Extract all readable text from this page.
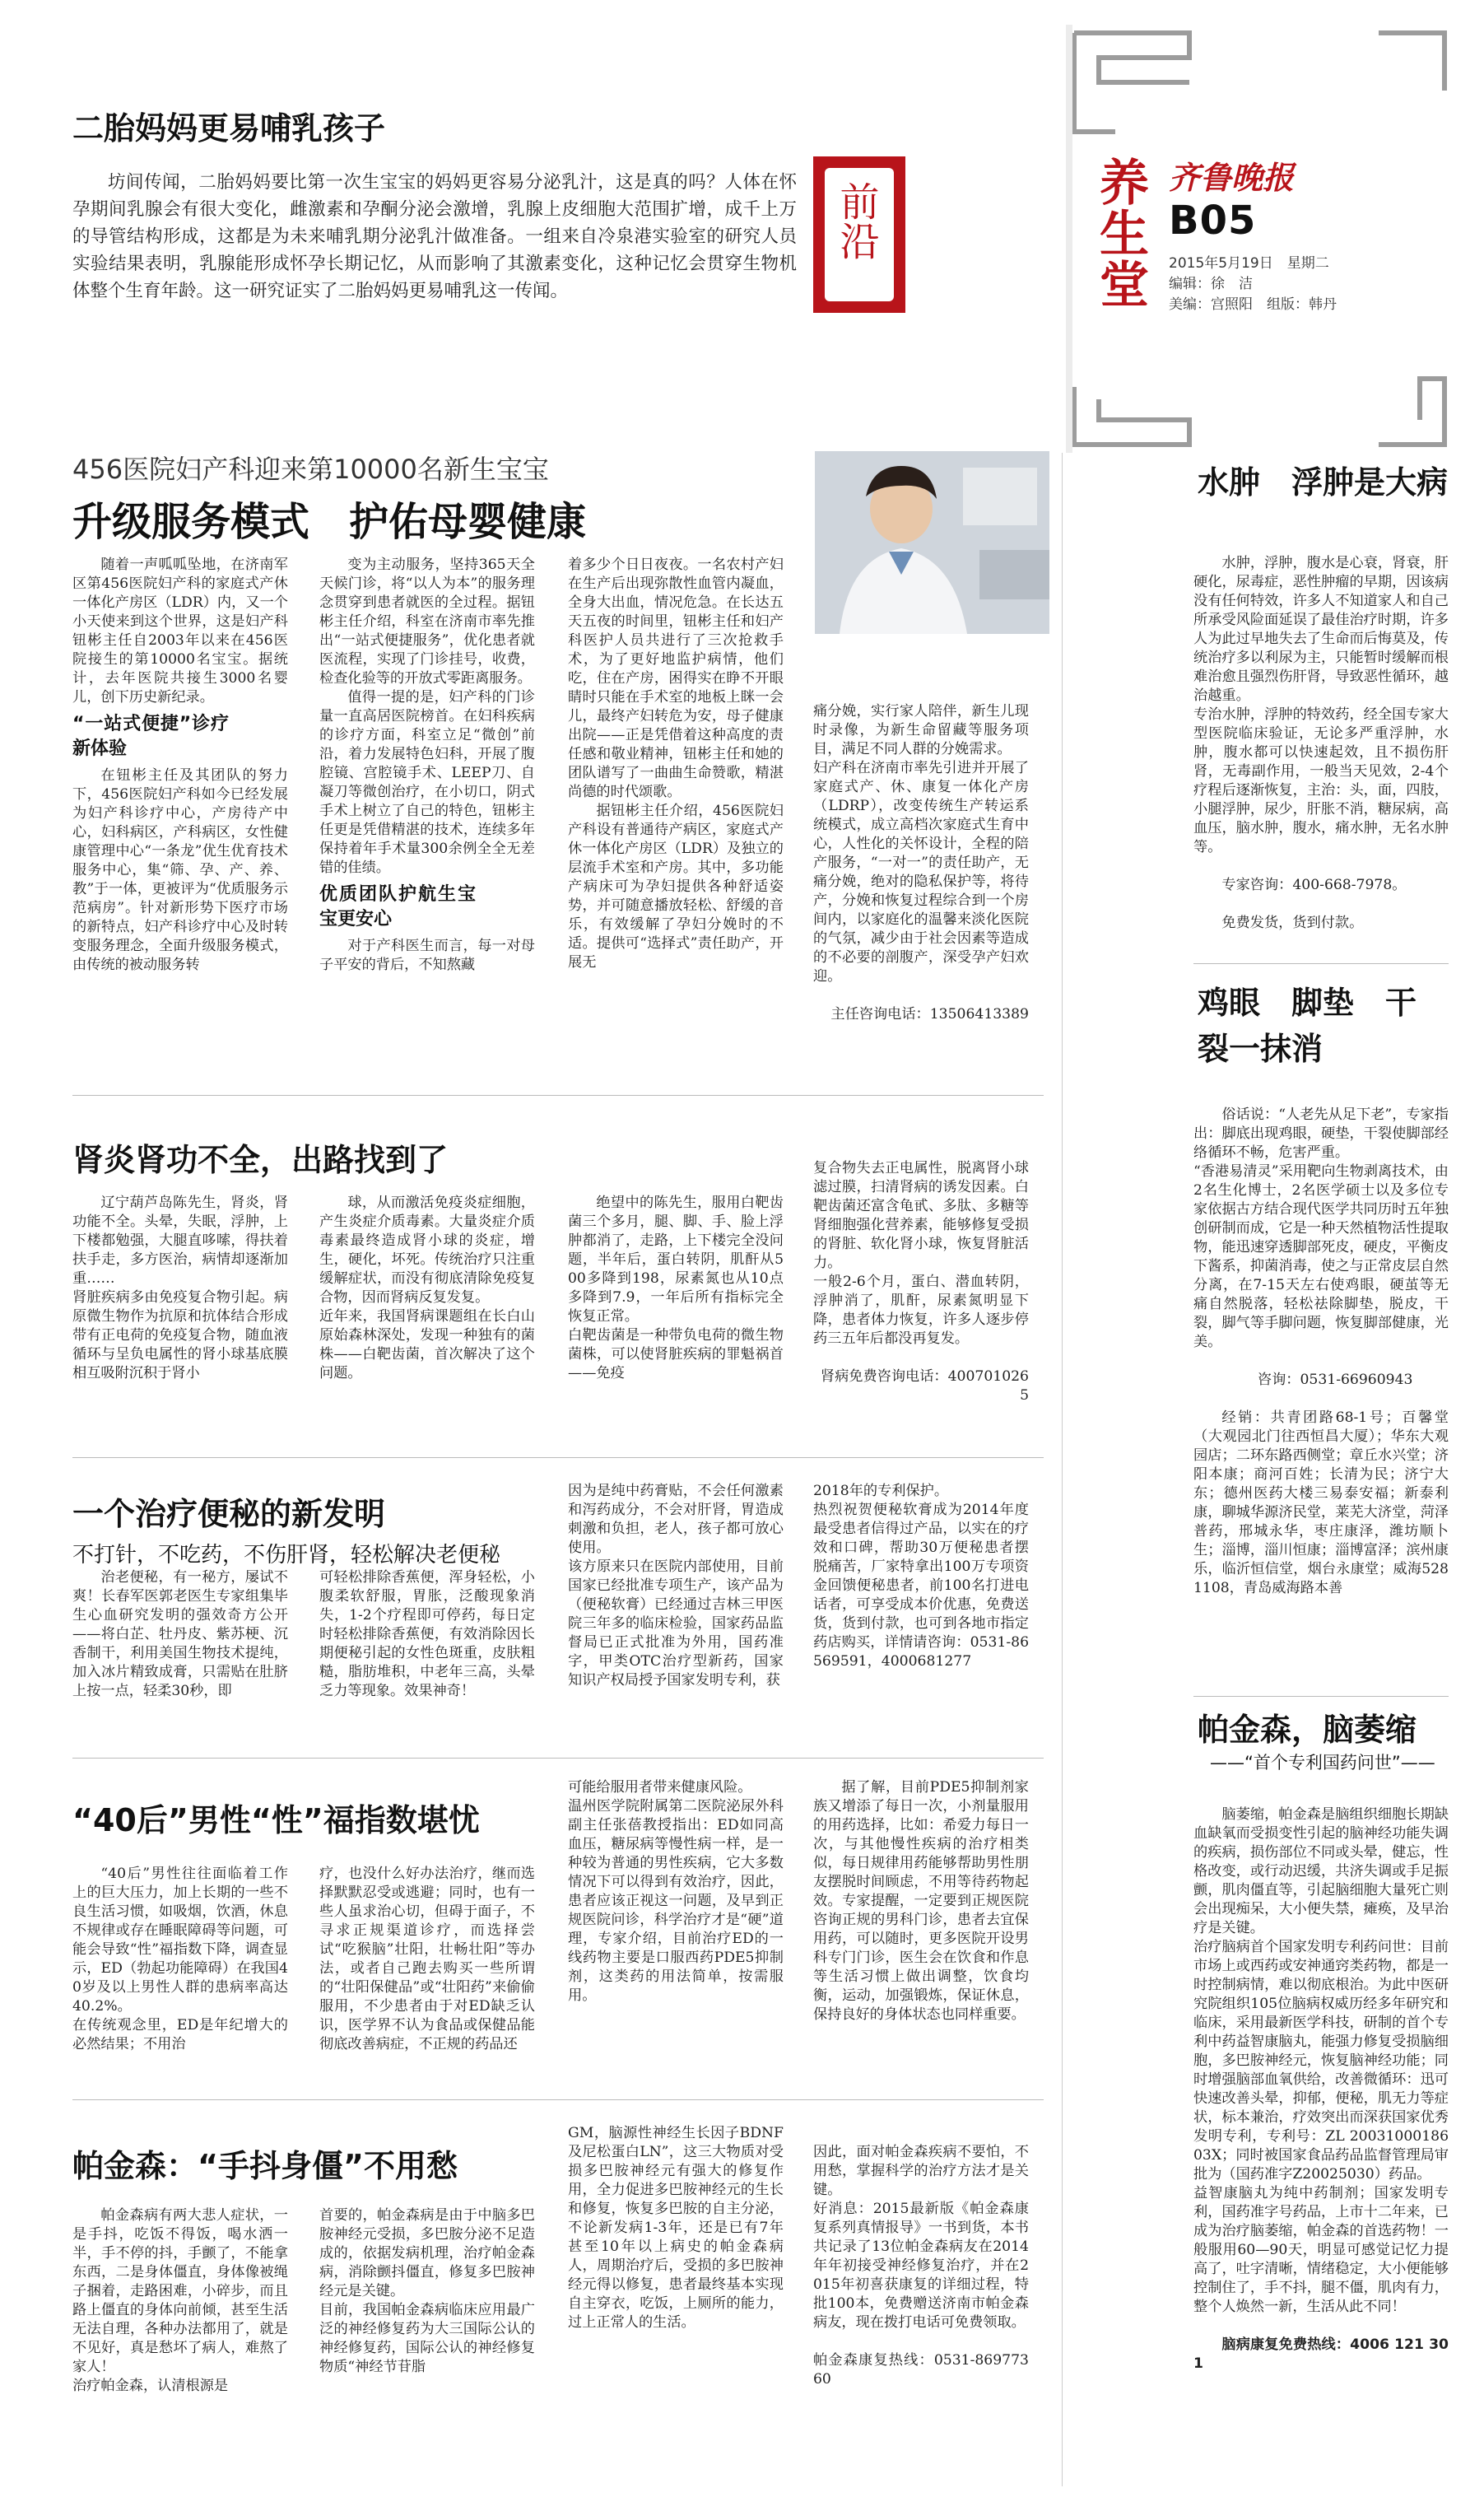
养生堂 齐鲁晚报
B05
2015年5月19日　星期二
编辑：徐　洁
美编：宫照阳　组版：韩丹
前沿
二胎妈妈更易哺乳孩子
坊间传闻，二胎妈妈要比第一次生宝宝的妈妈更容易分泌乳汁，这是真的吗？人体在怀孕期间乳腺会有很大变化，雌激素和孕酮分泌会激增，乳腺上皮细胞大范围扩增，成千上万的导管结构形成，这都是为未来哺乳期分泌乳汁做准备。一组来自冷泉港实验室的研究人员实验结果表明，乳腺能形成怀孕长期记忆，从而影响了其激素变化，这种记忆会贯穿生物机体整个生育年龄。这一研究证实了二胎妈妈更易哺乳这一传闻。
456医院妇产科迎来第10000名新生宝宝
升级服务模式　护佑母婴健康
随着一声呱呱坠地，在济南军区第456医院妇产科的家庭式产休一体化产房区（LDR）内，又一个小天使来到这个世界，这是妇产科钮彬主任自2003年以来在456医院接生的第10000名宝宝。据统计，去年医院共接生3000名婴儿，创下历史新纪录。
“一站式便捷”诊疗新体验
在钮彬主任及其团队的努力下，456医院妇产科如今已经发展为妇产科诊疗中心，产房待产中心，妇科病区，产科病区，女性健康管理中心“一条龙”优生优育技术服务中心，集“筛、孕、产、养、教”于一体，更被评为“优质服务示范病房”。针对新形势下医疗市场的新特点，妇产科诊疗中心及时转变服务理念，全面升级服务模式，由传统的被动服务转
变为主动服务，坚持365天全天候门诊，将“以人为本”的服务理念贯穿到患者就医的全过程。据钮彬主任介绍，科室在济南市率先推出“一站式便捷服务”，优化患者就医流程，实现了门诊挂号，收费，检查化验等的开放式零距离服务。
值得一提的是，妇产科的门诊量一直高居医院榜首。在妇科疾病的诊疗方面，科室立足“微创”前沿，着力发展特色妇科，开展了腹腔镜、宫腔镜手术、LEEP刀、自凝刀等微创治疗，在小切口，阴式手术上树立了自己的特色，钮彬主任更是凭借精湛的技术，连续多年保持着年手术量300余例全全无差错的佳绩。
优质团队护航生宝宝更安心
对于产科医生而言，每一对母子平安的背后，不知熬藏
着多少个日日夜夜。一名农村产妇在生产后出现弥散性血管内凝血，全身大出血，情况危急。在长达五天五夜的时间里，钮彬主任和妇产科医护人员共进行了三次抢救手术，为了更好地监护病情，他们吃，住在产房，困得实在睁不开眼睛时只能在手术室的地板上眯一会儿，最终产妇转危为安，母子健康出院——正是凭借着这种高度的责任感和敬业精神，钮彬主任和她的团队谱写了一曲曲生命赞歌，精湛尚德的时代颂歌。
据钮彬主任介绍，456医院妇产科设有普通待产病区，家庭式产休一体化产房区（LDR）及独立的层流手术室和产房。其中，多功能产病床可为孕妇提供各种舒适姿势，并可随意播放轻松、舒缓的音乐，有效缓解了孕妇分娩时的不适。提供可“选择式”责任助产，开展无

痛分娩，实行家人陪伴，新生儿现时录像，为新生命留藏等服务项目，满足不同人群的分娩需求。
妇产科在济南市率先引进并开展了家庭式产、休、康复一体化产房（LDRP），改变传统生产转运系统模式，成立高档次家庭式生育中心，人性化的关怀设计，全程的陪产服务，“一对一”的责任助产，无痛分娩，绝对的隐私保护等，将待产，分娩和恢复过程综合到一个房间内，以家庭化的温馨来淡化医院的气氛，减少由于社会因素等造成的不必要的剖腹产，深受孕产妇欢迎。

主任咨询电话：13506413389

肾炎肾功不全，出路找到了
辽宁葫芦岛陈先生，肾炎，肾功能不全。头晕，失眠，浮肿，上下楼都勉强，大腿直哆嗦，得扶着扶手走，多方医治，病情却逐渐加重……
肾脏疾病多由免疫复合物引起。病原微生物作为抗原和抗体结合形成带有正电荷的免疫复合物，随血液循环与呈负电属性的肾小球基底膜相互吸附沉积于肾小
球，从而激活免疫炎症细胞，产生炎症介质毒素。大量炎症介质毒素最终造成肾小球的炎症，增生，硬化，坏死。传统治疗只注重缓解症状，而没有彻底清除免疫复合物，因而肾病反复发复。
近年来，我国肾病课题组在长白山原始森林深处，发现一种独有的菌株——白靶齿菌，首次解决了这个问题。
绝望中的陈先生，服用白靶齿菌三个多月，腿、脚、手、脸上浮肿都消了，走路，上下楼完全没问题，半年后，蛋白转阴，肌酐从500多降到198，尿素氮也从10点多降到7.9，一年后所有指标完全恢复正常。
白靶齿菌是一种带负电荷的微生物菌株，可以使肾脏疾病的罪魁祸首——免疫

复合物失去正电属性，脱离肾小球滤过膜，扫清肾病的诱发因素。白靶齿菌还富含龟甙、多肽、多糖等肾细胞强化营养素，能够修复受损的肾脏、软化肾小球，恢复肾脏活力。
一般2-6个月，蛋白、潜血转阴，浮肿消了，肌酐，尿素氮明显下降，患者体力恢复，许多人逐步停药三五年后都没再复发。

肾病免费咨询电话：4007010265

一个治疗便秘的新发明
不打针，不吃药，不伤肝肾，轻松解决老便秘
治老便秘，有一秘方，屡试不爽！长春军医郭老医生专家组集毕生心血研究发明的强效奇方公开——将白芷、牡丹皮、紫苏梗、沉香制干，利用美国生物技术提纯，加入冰片精致成膏，只需贴在肚脐上按一点，轻柔30秒，即
可轻松排除香蕉便，浑身轻松，小腹柔软舒服，胃胀，泛酸现象消失，1-2个疗程即可停药，每日定时轻松排除香蕉便，有效消除因长期便秘引起的女性色斑重，皮肤粗糙，脂肪堆积，中老年三高，头晕乏力等现象。效果神奇！
因为是纯中药膏贴，不会任何激素和泻药成分，不会对肝肾，胃造成刺激和负担，老人，孩子都可放心使用。
该方原来只在医院内部使用，目前国家已经批准专项生产，该产品为（便秘软膏）已经通过吉林三甲医院三年多的临床检验，国家药品监督局已正式批准为外用，国药准字，甲类OTC治疗型新药，国家知识产权局授予国家发明专利，获
2018年的专利保护。
热烈祝贺便秘软膏成为2014年度最受患者信得过产品，以实在的疗效和口碑，帮助30万便秘患者摆脱痛苦，厂家特拿出100万专项资金回馈便秘患者，前100名打进电话者，可享受成本价优惠，免费送货，货到付款，也可到各地市指定药店购买，详情请咨询：0531-86569591，4000681277
“40后”男性“性”福指数堪忧
“40后”男性往往面临着工作上的巨大压力，加上长期的一些不良生活习惯，如吸烟，饮酒，休息不规律或存在睡眠障碍等问题，可能会导致“性”福指数下降，调查显示，ED（勃起功能障碍）在我国40岁及以上男性人群的患病率高达40.2%。
在传统观念里，ED是年纪增大的必然结果；不用治
疗，也没什么好办法治疗，继而选择默默忍受或逃避；同时，也有一些人虽求治心切，但碍于面子，不寻求正规渠道诊疗，而选择尝试“吃猴脑”壮阳，壮畅壮阳”等办法，或者自己跑去购买一些所谓的“壮阳保健品”或“壮阳药”来偷偷服用，不少患者由于对ED缺乏认识，医学界不认为食品或保健品能彻底改善病症，不正规的药品还
可能给服用者带来健康风险。
温州医学院附属第二医院泌尿外科副主任张蓓教授指出：ED如同高血压，糖尿病等慢性病一样，是一种较为普通的男性疾病，它大多数情况下可以得到有效治疗，因此，患者应该正视这一问题，及早到正规医院问诊，科学治疗才是“硬”道理，专家介绍，目前治疗ED的一线药物主要是口服西药PDE5抑制剂，这类药的用法简单，按需服用。
据了解，目前PDE5抑制剂家族又增添了每日一次，小剂量服用的用药选择，比如：希爱力每日一次，与其他慢性疾病的治疗相类似，每日规律用药能够帮助男性朋友摆脱时间顾虑，不用等待药物起效。专家提醒，一定要到正规医院咨询正规的男科门诊，患者去宜保用药，可以随时，更多医院开设男科专门门诊，医生会在饮食和作息等生活习惯上做出调整，饮食均衡，运动，加强锻炼，保证休息，保持良好的身体状态也同样重要。
帕金森：“手抖身僵”不用愁
帕金森病有两大悲人症状，一是手抖，吃饭不得饭，喝水洒一半，手不停的抖，手颤了，不能拿东西，二是身体僵直，身体像被绳子捆着，走路困难，小碎步，而且路上僵直的身体向前倾，甚至生活无法自理，各种办法都用了，就是不见好，真是愁坏了病人，难熬了家人！
治疗帕金森，认清根源是
首要的，帕金森病是由于中脑多巴胺神经元受损，多巴胺分泌不足造成的，依据发病机理，治疗帕金森病，消除颤抖僵直，修复多巴胺神经元是关键。
目前，我国帕金森病临床应用最广泛的神经修复药为大三国际公认的神经修复药，国际公认的神经修复物质“神经节苷脂
GM，脑源性神经生长因子BDNF及尼松蛋白LN”，这三大物质对受损多巴胺神经元有强大的修复作用，全力促进多巴胺神经元的生长和修复，恢复多巴胺的自主分泌，不论新发病1-3年，还是已有7年甚至10年以上病史的帕金森病人，周期治疗后，受损的多巴胺神经元得以修复，患者最终基本实现自主穿衣，吃饭，上厕所的能力，过上正常人的生活。

因此，面对帕金森疾病不要怕，不用愁，掌握科学的治疗方法才是关键。
好消息：2015最新版《帕金森康复系列真情报导》一书到货，本书共记录了13位帕金森病友在2014年年初接受神经修复治疗，并在2015年初喜获康复的详细过程，特批100本，免费赠送济南市帕金森病友，现在拨打电话可免费领取。

帕金森康复热线：0531-86977360

水肿　浮肿是大病

水肿，浮肿，腹水是心衰，肾衰，肝硬化，尿毒症，恶性肿瘤的早期，因该病没有任何特效，许多人不知道家人和自己所承受风险面延误了最佳治疗时期，许多人为此过早地失去了生命而后悔莫及，传统治疗多以利尿为主，只能暂时缓解而根难治愈且强烈伤肝肾，导致恶性循环，越治越重。
专治水肿，浮肿的特效药，经全国专家大型医院临床验证，无论多严重浮肿，水肿，腹水都可以快速起效，且不损伤肝肾，无毒副作用，一般当天见效，2-4个疗程后逐渐恢复，主治：头，面，四肢，小腿浮肿，尿少，肝胀不消，糖尿病，高血压，脑水肿，腹水，痛水肿，无名水肿等。

专家咨询：400-668-7978。

免费发货，货到付款。

鸡眼　脚垫　干裂一抹消

俗话说：“人老先从足下老”，专家指出：脚底出现鸡眼，硬垫，干裂使脚部经络循环不畅，危害严重。
“香港易清灵”采用靶向生物剥离技术，由2名生化博士，2名医学硕士以及多位专家依据古方结合现代医学共同历时五年独创研制而成，它是一种天然植物活性提取物，能迅速穿透脚部死皮，硬皮，平衡皮下酱系，抑菌消毒，使之与正常皮层自然分离，在7-15天左右使鸡眼，硬茧等无痛自然脱落，轻松祛除脚垫，脱皮，干裂，脚气等手脚问题，恢复脚部健康，光美。

咨询：0531-66960943

经销：共青团路68-1号；百馨堂（大观园北门往西恒昌大厦）；华东大观园店；二环东路西侧堂；章丘水兴堂；济阳本康；商河百姓；长清为民；济宁大东；德州医药大楼三易泰安福；新泰利康，聊城华源济民堂，莱芜大济堂，菏泽普药，邢城永华，枣庄康泽，潍坊顺卜生；淄博，淄川恒康；淄博富泽；滨州康乐，临沂恒信堂，烟台永康堂；威海5281108，青岛威海路本善

帕金森，脑萎缩
——“首个专利国药问世”——

脑萎缩，帕金森是脑组织细胞长期缺血缺氧而受损变性引起的脑神经功能失调的疾病，损伤部位不同或头晕，健忘，性格改变，或行动迟缓，共济失调或手足振颤，肌肉僵直等，引起脑细胞大量死亡则会出现痴呆，大小便失禁，瘫痪，及早治疗是关键。
治疗脑病首个国家发明专利药问世：目前市场上或西药或安神通窍类药物，都是一时控制病情，难以彻底根治。为此中医研究院组织105位脑病权威历经多年研究和临床，采用最新医学科技，研制的首个专利中药益智康脑丸，能强力修复受损脑细胞，多巴胺神经元，恢复脑神经功能；同时增强脑部血氧供给，改善微循环：迅可快速改善头晕，抑郁，便秘，肌无力等症状，标本兼治，疗效突出而深获国家优秀发明专利，专利号：ZL 2003100018603X；同时被国家食品药品监督管理局审批为（国药准字Z20025030）药品。
益智康脑丸为纯中药制剂；国家发明专利，国药准字号药品，上市十二年来，已成为治疗脑萎缩，帕金森的首选药物！一般服用60—90天，明显可感觉记忆力提高了，吐字清晰，情绪稳定，大小便能够控制住了，手不抖，腿不僵，肌肉有力，整个人焕然一新，生活从此不同！

脑病康复免费热线：4006 121 301
